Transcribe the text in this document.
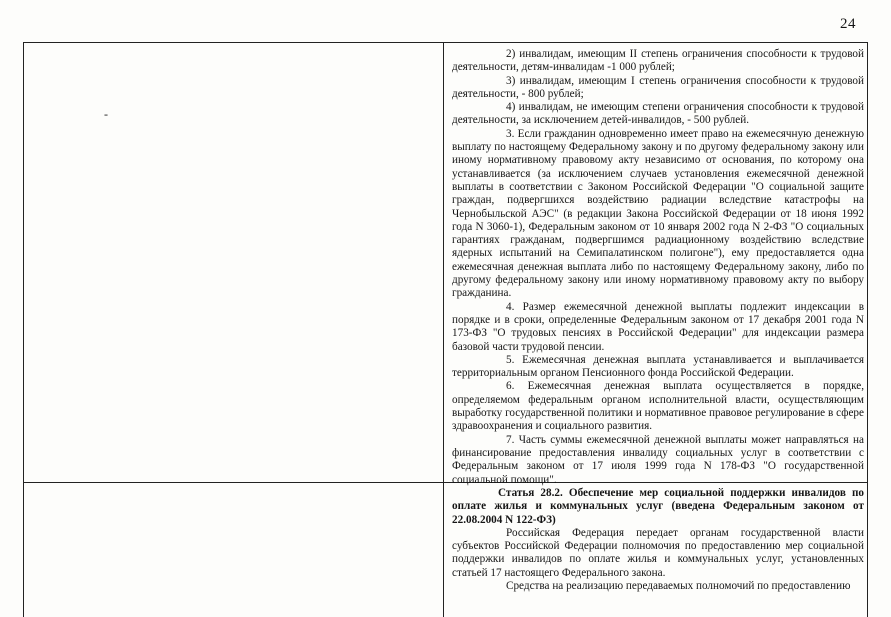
24
-

2) инвалидам, имеющим II степень ограничения способности к трудовой деятельности, детям-инвалидам -1 000 рублей;

3) инвалидам, имеющим I степень ограничения способности к трудовой деятельности, - 800 рублей;

4) инвалидам, не имеющим степени ограничения способности к трудовой деятельности, за исключением детей-инвалидов, - 500 рублей.

3. Если гражданин одновременно имеет право на ежемесячную денежную выплату по настоящему Федеральному закону и по другому федеральному закону или иному нормативному правовому акту независимо от основания, по которому она устанавливается (за исключением случаев установления ежемесячной денежной выплаты в соответствии с Законом Российской Федерации "О социальной защите граждан, подвергшихся воздействию радиации вследствие катастрофы на Чернобыльской АЭС" (в редакции Закона Российской Федерации от 18 июня 1992 года N 3060-1), Федеральным законом от 10 января 2002 года N 2-ФЗ "О социальных гарантиях гражданам, подвергшимся радиационному воздействию вследствие ядерных испытаний на Семипалатинском полигоне"), ему предоставляется одна ежемесячная денежная выплата либо по настоящему Федеральному закону, либо по другому федеральному закону или иному нормативному правовому акту по выбору гражданина.

4. Размер ежемесячной денежной выплаты подлежит индексации в порядке и в сроки, определенные Федеральным законом от 17 декабря 2001 года N 173-ФЗ "О трудовых пенсиях в Российской Федерации" для индексации размера базовой части трудовой пенсии.

5. Ежемесячная денежная выплата устанавливается и выплачивается территориальным органом Пенсионного фонда Российской Федерации.

6. Ежемесячная денежная выплата осуществляется в порядке, определяемом федеральным органом исполнительной власти, осуществляющим выработку государственной политики и нормативное правовое регулирование в сфере здравоохранения и социального развития.

7. Часть суммы ежемесячной денежной выплаты может направляться на финансирование предоставления инвалиду социальных услуг в соответствии с Федеральным законом от 17 июля 1999 года N 178-ФЗ "О государственной социальной помощи".

Статья 28.2. Обеспечение мер социальной поддержки инвалидов по оплате жилья и коммунальных услуг (введена Федеральным законом от 22.08.2004 N 122-ФЗ)

Российская Федерация передает органам государственной власти субъектов Российской Федерации полномочия по предоставлению мер социальной поддержки инвалидов по оплате жилья и коммунальных услуг, установленных статьей 17 настоящего Федерального закона.

Средства на реализацию передаваемых полномочий по предоставлению
